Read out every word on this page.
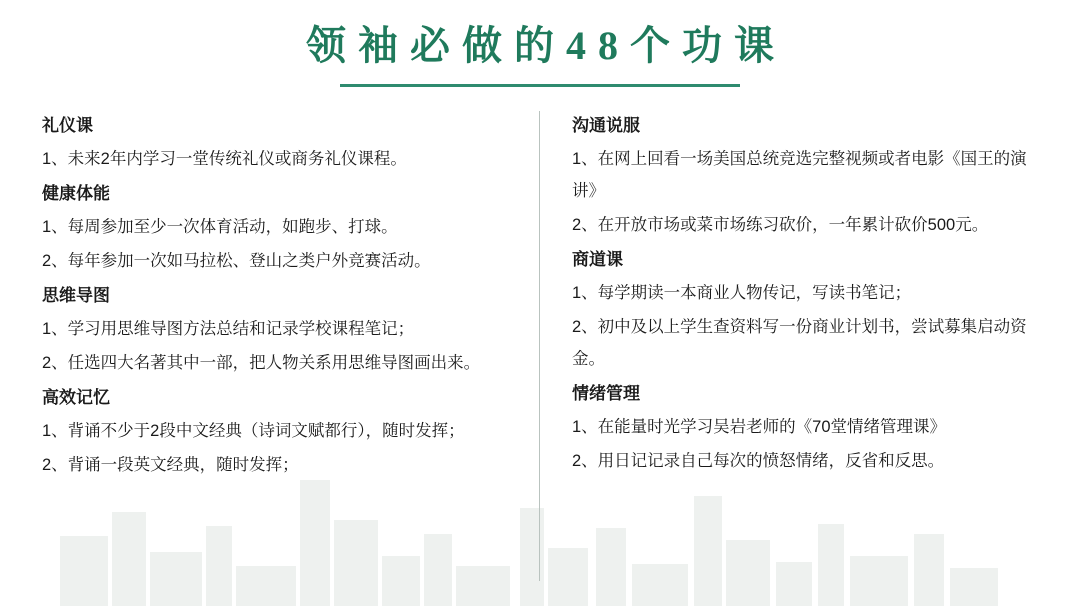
领袖必做的48个功课
礼仪课
1、未来2年内学习一堂传统礼仪或商务礼仪课程。
健康体能
1、每周参加至少一次体育活动，如跑步、打球。
2、每年参加一次如马拉松、登山之类户外竞赛活动。
思维导图
1、学习用思维导图方法总结和记录学校课程笔记；
2、任选四大名著其中一部，把人物关系用思维导图画出来。
高效记忆
1、背诵不少于2段中文经典（诗词文赋都行），随时发挥；
2、背诵一段英文经典，随时发挥；
沟通说服
1、在网上回看一场美国总统竞选完整视频或者电影《国王的演讲》
2、在开放市场或菜市场练习砍价，一年累计砍价500元。
商道课
1、每学期读一本商业人物传记，写读书笔记；
2、初中及以上学生查资料写一份商业计划书，尝试募集启动资金。
情绪管理
1、在能量时光学习吴岩老师的《70堂情绪管理课》
2、用日记记录自己每次的愤怒情绪，反省和反思。
